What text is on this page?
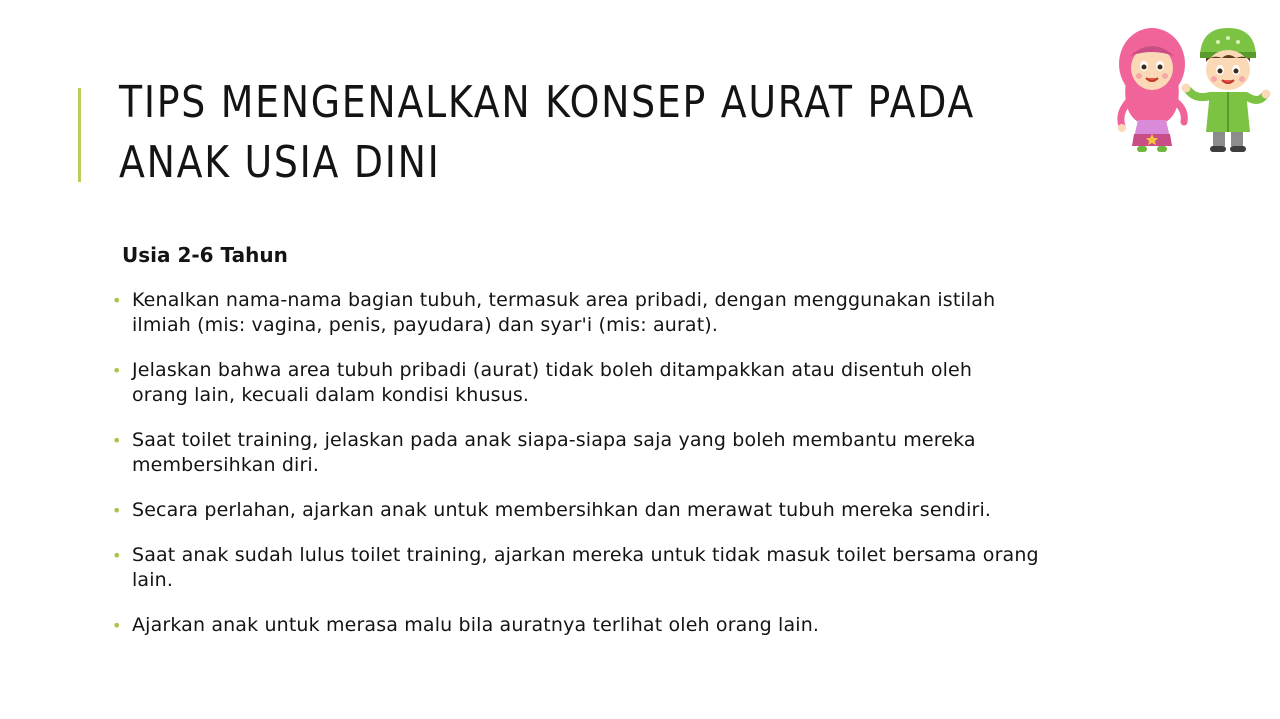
TIPS MENGENALKAN KONSEP AURAT PADA
ANAK USIA DINI
Usia 2-6 Tahun
• Kenalkan nama-nama bagian tubuh, termasuk area pribadi, dengan menggunakan istilah
ilmiah (mis: vagina, penis, payudara) dan syar'i (mis: aurat).
• Jelaskan bahwa area tubuh pribadi (aurat) tidak boleh ditampakkan atau disentuh oleh
orang lain, kecuali dalam kondisi khusus.
• Saat toilet training, jelaskan pada anak siapa-siapa saja yang boleh membantu mereka
membersihkan diri.
• Secara perlahan, ajarkan anak untuk membersihkan dan merawat tubuh mereka sendiri.
• Saat anak sudah lulus toilet training, ajarkan mereka untuk tidak masuk toilet bersama orang
lain.
• Ajarkan anak untuk merasa malu bila auratnya terlihat oleh orang lain.
